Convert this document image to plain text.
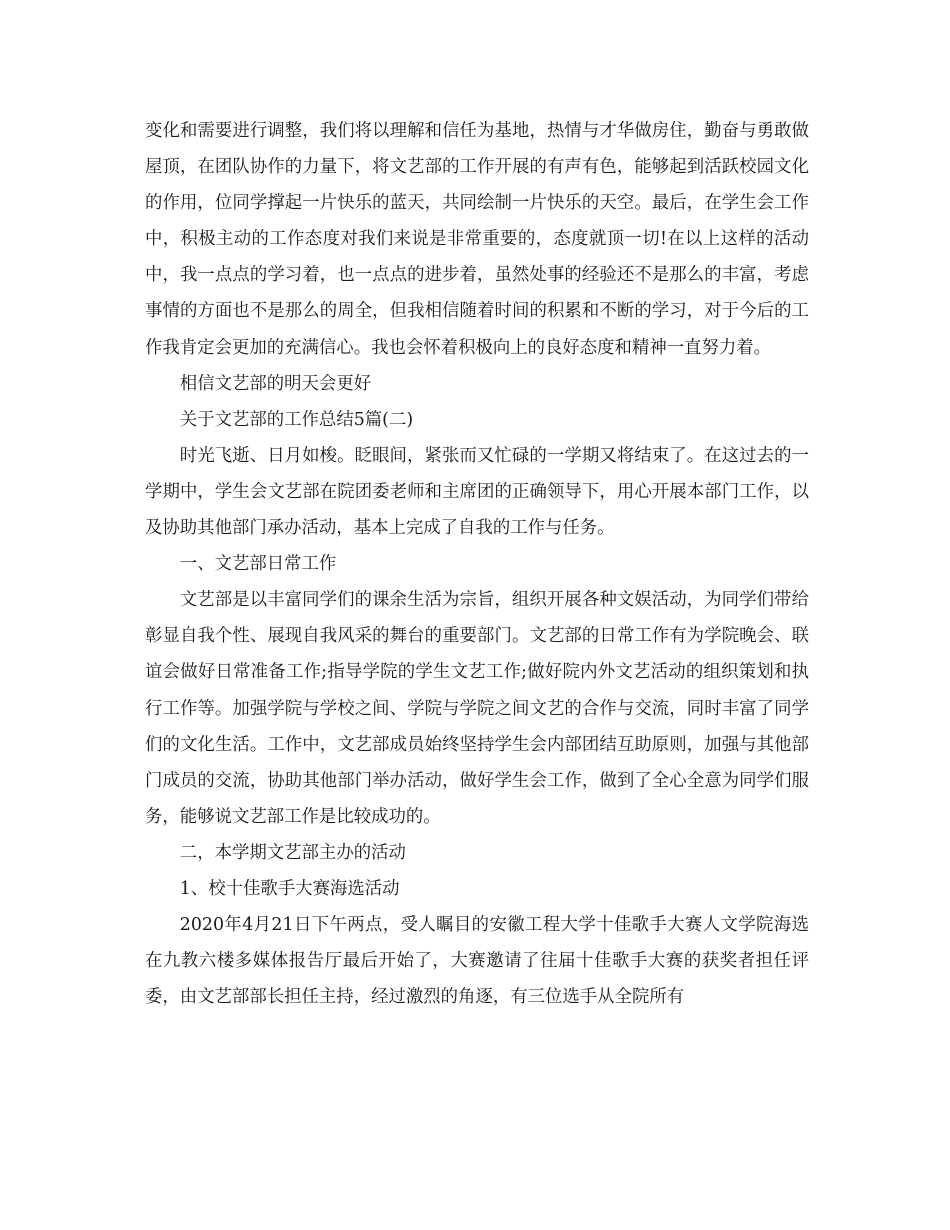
变化和需要进行调整，我们将以理解和信任为基地，热情与才华做房住，勤奋与勇敢做屋顶，在团队协作的力量下，将文艺部的工作开展的有声有色，能够起到活跃校园文化的作用，位同学撑起一片快乐的蓝天，共同绘制一片快乐的天空。最后，在学生会工作中，积极主动的工作态度对我们来说是非常重要的，态度就顶一切!在以上这样的活动中，我一点点的学习着，也一点点的进步着，虽然处事的经验还不是那么的丰富，考虑事情的方面也不是那么的周全，但我相信随着时间的积累和不断的学习，对于今后的工作我肯定会更加的充满信心。我也会怀着积极向上的良好态度和精神一直努力着。

相信文艺部的明天会更好

关于文艺部的工作总结5篇(二)

时光飞逝、日月如梭。眨眼间，紧张而又忙碌的一学期又将结束了。在这过去的一学期中，学生会文艺部在院团委老师和主席团的正确领导下，用心开展本部门工作，以及协助其他部门承办活动，基本上完成了自我的工作与任务。

一、文艺部日常工作

文艺部是以丰富同学们的课余生活为宗旨，组织开展各种文娱活动，为同学们带给彰显自我个性、展现自我风采的舞台的重要部门。文艺部的日常工作有为学院晚会、联谊会做好日常准备工作;指导学院的学生文艺工作;做好院内外文艺活动的组织策划和执行工作等。加强学院与学校之间、学院与学院之间文艺的合作与交流，同时丰富了同学们的文化生活。工作中，文艺部成员始终坚持学生会内部团结互助原则，加强与其他部门成员的交流，协助其他部门举办活动，做好学生会工作，做到了全心全意为同学们服务，能够说文艺部工作是比较成功的。

二，本学期文艺部主办的活动

1、校十佳歌手大赛海选活动

2020年4月21日下午两点，受人瞩目的安徽工程大学十佳歌手大赛人文学院海选在九教六楼多媒体报告厅最后开始了，大赛邀请了往届十佳歌手大赛的获奖者担任评委，由文艺部部长担任主持，经过激烈的角逐，有三位选手从全院所有
